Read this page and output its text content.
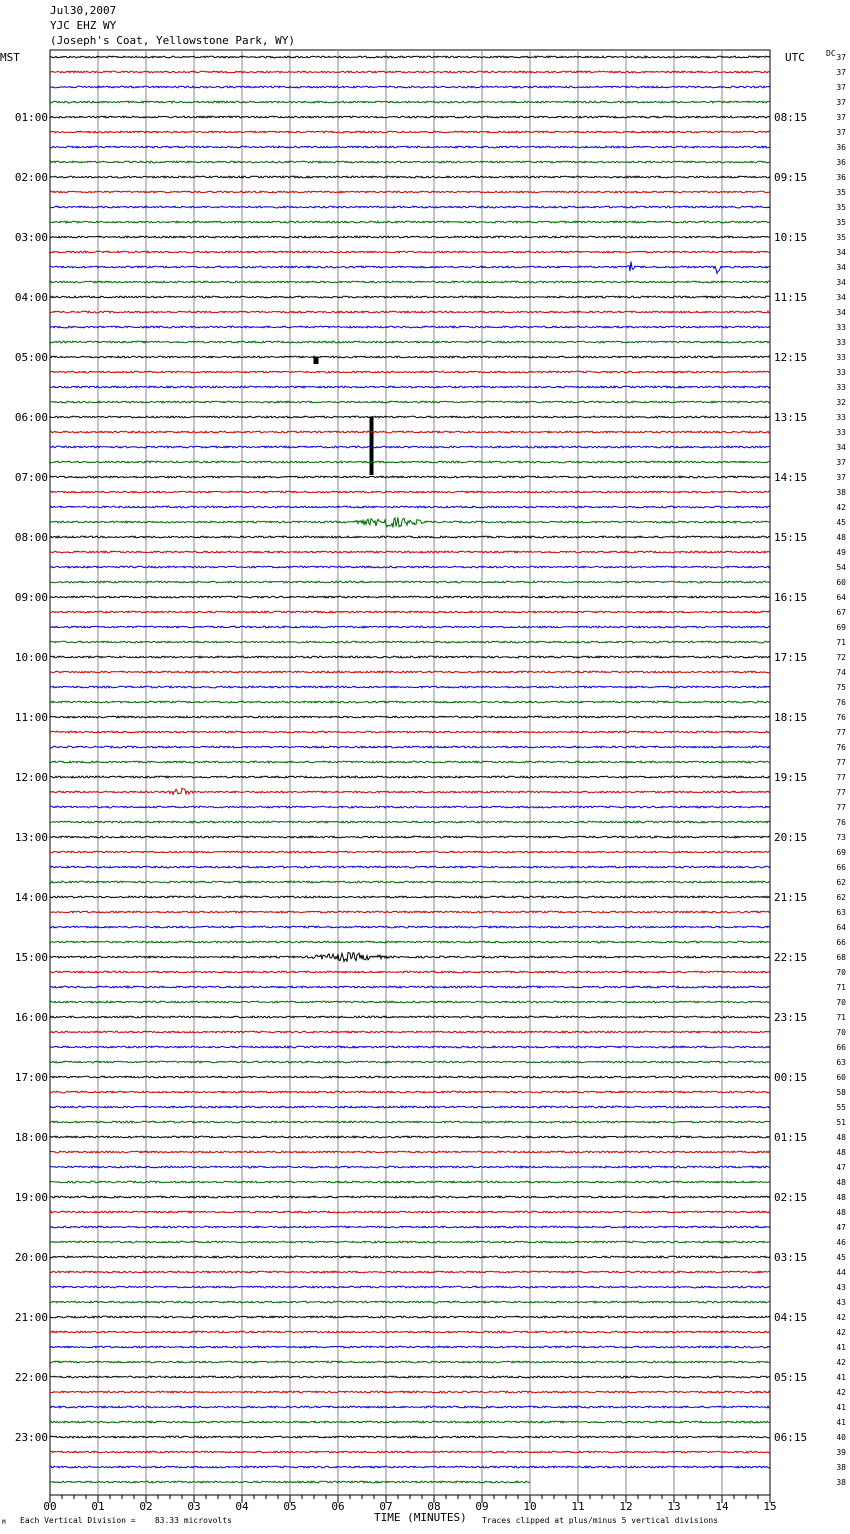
Jul30,2007
YJC EHZ WY
(Joseph's Coat, Yellowstone Park, WY)
MST	UTC	DC
00	01	02	03	04	05	06	07	08	09	10	11	12	13	14	15
01:00
02:00
03:00
04:00
05:00
06:00
07:00
08:00
09:00
10:00
11:00
12:00
13:00
14:00
15:00
16:00
17:00
18:00
19:00
20:00
21:00
22:00
23:00
08:15
09:15
10:15
11:15
12:15
13:15
14:15
15:15
16:15
17:15
18:15
19:15
20:15
21:15
22:15
23:15
00:15
01:15
02:15
03:15
04:15
05:15
06:15
37
37
37
37
37
37
36
36
36
35
35
35
35
34
34
34
34
34
33
33
33
33
33
32
33
33
34
37
37
38
42
45
48
49
54
60
64
67
69
71
72
74
75
76
76
77
76
77
77
77
77
76
73
69
66
62
62
63
64
66
68
70
71
70
71
70
66
63
60
58
55
51
48
48
47
48
48
48
47
46
45
44
43
43
42
42
41
42
41
42
41
41
40
39
38
38
TIME (MINUTES)
Each Vertical Division =    83.33 microvolts	Traces clipped at plus/minus 5 vertical divisions
M
